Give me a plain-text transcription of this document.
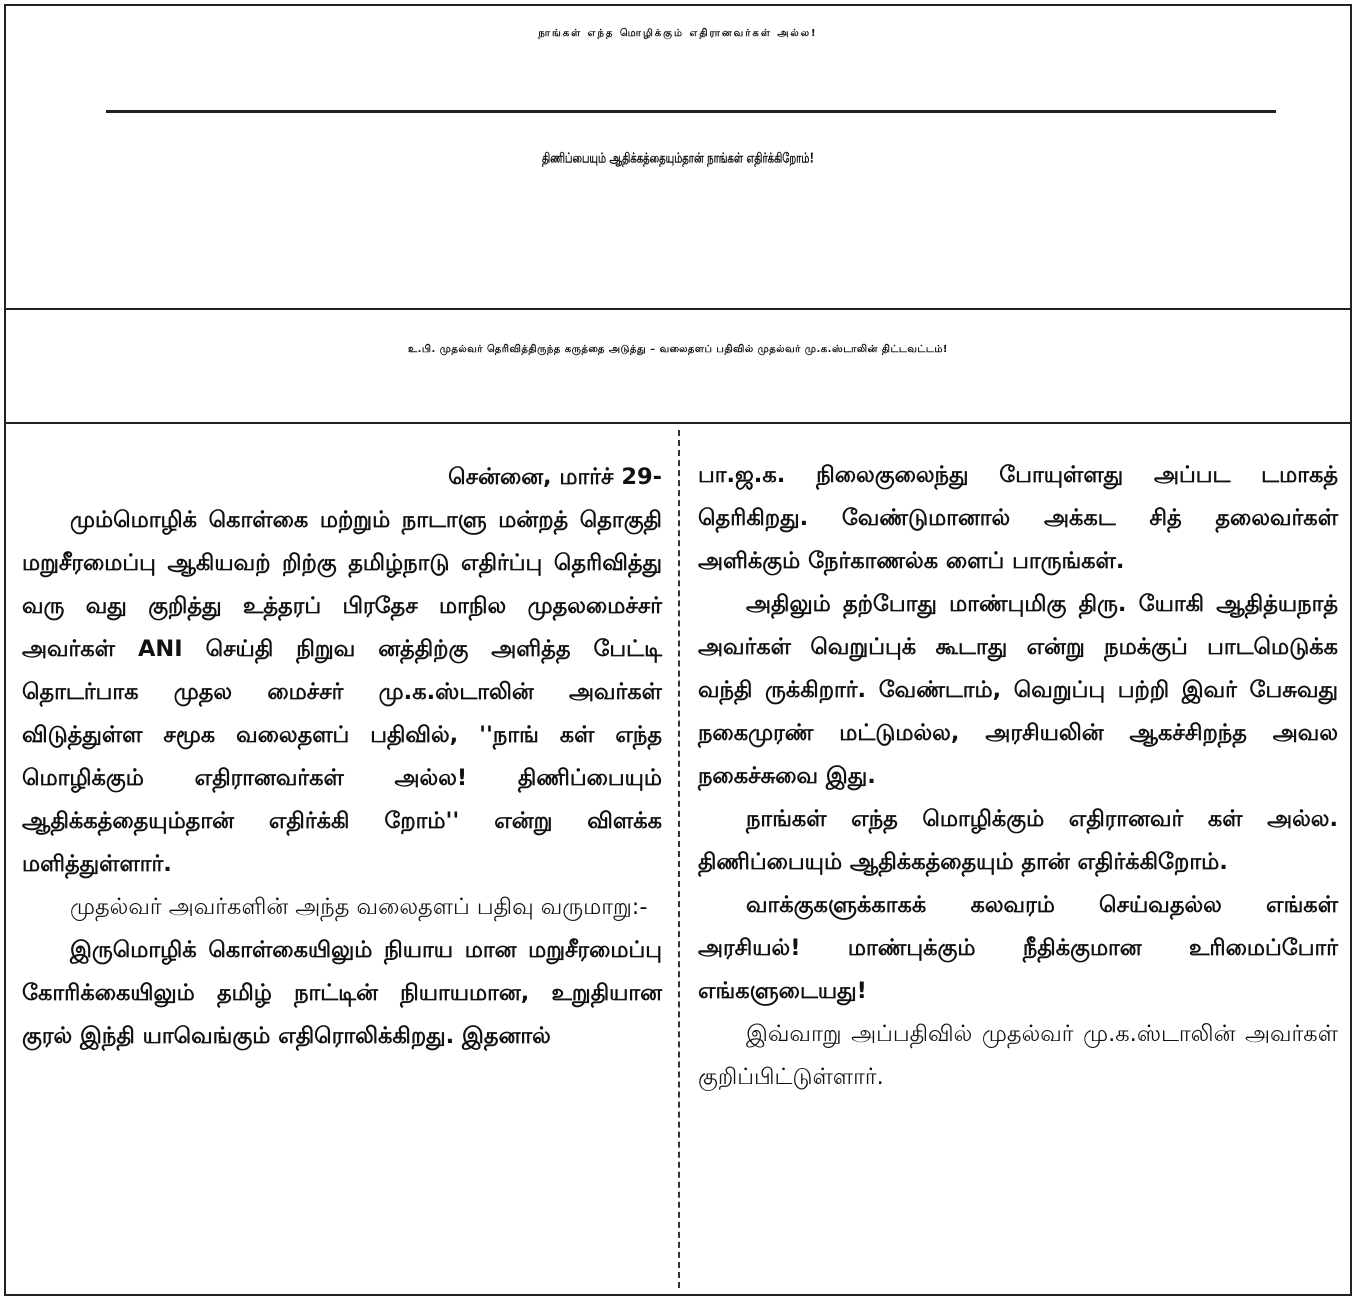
நாங்கள் எந்த மொழிக்கும் எதிரானவர்கள் அல்ல!
திணிப்பையும் ஆதிக்கத்தையும்தான் நாங்கள் எதிர்க்கிறோம்!
உ.பி. முதல்வர் தெரிவித்திருந்த கருத்தை அடுத்து – வலைதளப் பதிவில் முதல்வர் மு.க.ஸ்டாலின் திட்டவட்டம்!

சென்னை, மார்ச் 29-

மும்மொழிக் கொள்கை மற்றும் நாடாளு மன்றத் தொகுதி மறுசீரமைப்பு ஆகியவற் றிற்கு தமிழ்நாடு எதிர்ப்பு தெரிவித்து வரு வது குறித்து உத்தரப் பிரதேச மாநில முதலமைச்சர் அவர்கள் ANI செய்தி நிறுவ னத்திற்கு அளித்த பேட்டி தொடர்பாக முதல மைச்சர் மு.க.ஸ்டாலின் அவர்கள் விடுத்துள்ள சமூக வலைதளப் பதிவில், ''நாங் கள் எந்த மொழிக்கும் எதிரானவர்கள் அல்ல! திணிப்பையும் ஆதிக்கத்தையும்தான் எதிர்க்கி றோம்'' என்று விளக்க மளித்துள்ளார்.

முதல்வர் அவர்களின் அந்த வலைதளப் பதிவு வருமாறு:-

இருமொழிக் கொள்கையிலும் நியாய மான மறுசீரமைப்பு கோரிக்கையிலும் தமிழ் நாட்டின் நியாயமான, உறுதியான குரல் இந்தி யாவெங்கும் எதிரொலிக்கிறது. இதனால்

பா.ஜ.க. நிலைகுலைந்து போயுள்ளது அப்பட டமாகத் தெரிகிறது. வேண்டுமானால் அக்கட சித் தலைவர்கள் அளிக்கும் நேர்காணல்க ளைப் பாருங்கள்.

அதிலும் தற்போது மாண்புமிகு திரு. யோகி ஆதித்யநாத் அவர்கள் வெறுப்புக் கூடாது என்று நமக்குப் பாடமெடுக்க வந்தி ருக்கிறார். வேண்டாம், வெறுப்பு பற்றி இவர் பேசுவது நகைமுரண் மட்டுமல்ல, அரசியலின் ஆகச்சிறந்த அவல நகைச்சுவை இது.

நாங்கள் எந்த மொழிக்கும் எதிரானவர் கள் அல்ல. திணிப்பையும் ஆதிக்கத்தையும் தான் எதிர்க்கிறோம்.

வாக்குகளுக்காகக் கலவரம் செய்வதல்ல எங்கள் அரசியல்! மாண்புக்கும் நீதிக்குமான உரிமைப்போர் எங்களுடையது!

இவ்வாறு அப்பதிவில் முதல்வர் மு.க.ஸ்டாலின் அவர்கள் குறிப்பிட்டுள்ளார்.
